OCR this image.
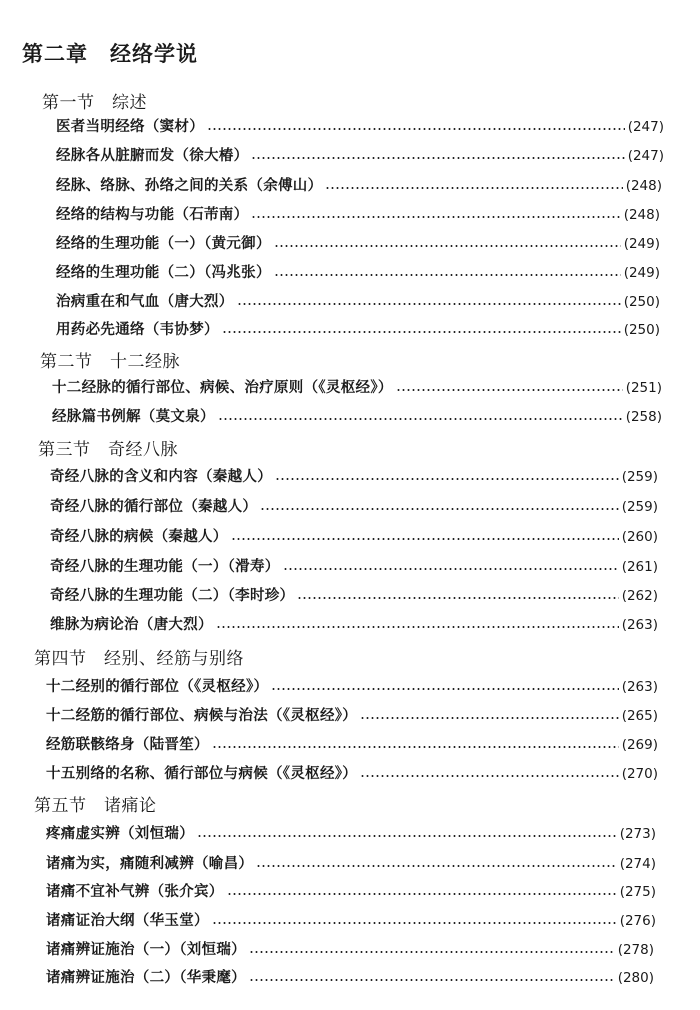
第二章　经络学说
第一节　综述
医者当明经络（窦材）	(247)
经脉各从脏腑而发（徐大椿）	(247)
经脉、络脉、孙络之间的关系（余傅山）	(248)
经络的结构与功能（石芾南）	(248)
经络的生理功能（一）（黄元御）	(249)
经络的生理功能（二）（冯兆张）	(249)
治病重在和气血（唐大烈）	(250)
用药必先通络（韦协梦）	(250)
第二节　十二经脉
十二经脉的循行部位、病候、治疗原则（《灵枢经》）	(251)
经脉篇书例解（莫文泉）	(258)
第三节　奇经八脉
奇经八脉的含义和内容（秦越人）	(259)
奇经八脉的循行部位（秦越人）	(259)
奇经八脉的病候（秦越人）	(260)
奇经八脉的生理功能（一）（滑寿）	(261)
奇经八脉的生理功能（二）（李时珍）	(262)
维脉为病论治（唐大烈）	(263)
第四节　经别、经筋与别络
十二经别的循行部位（《灵枢经》）	(263)
十二经筋的循行部位、病候与治法（《灵枢经》）	(265)
经筋联骸络身（陆晋笙）	(269)
十五别络的名称、循行部位与病候（《灵枢经》）	(270)
第五节　诸痛论
疼痛虚实辨（刘恒瑞）	(273)
诸痛为实，痛随利减辨（喻昌）	(274)
诸痛不宜补气辨（张介宾）	(275)
诸痛证治大纲（华玉堂）	(276)
诸痛辨证施治（一）（刘恒瑞）	(278)
诸痛辨证施治（二）（华秉麾）	(280)
